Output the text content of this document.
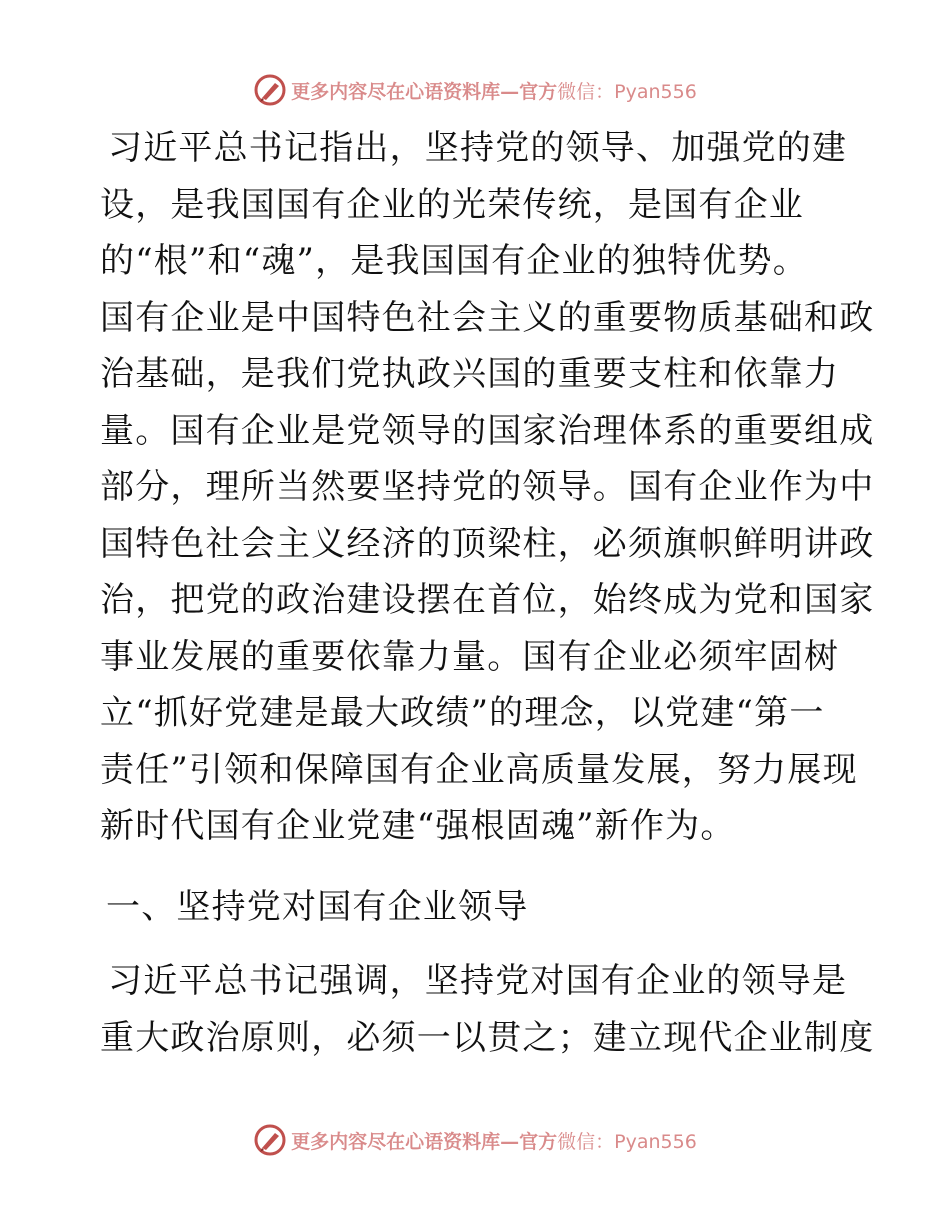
更多内容尽在心语资料库—官方 微信：Pyan556
习近平总书记指出，坚持党的领导、加强党的建
设，是我国国有企业的光荣传统，是国有企业
的“根”和“魂”，是我国国有企业的独特优势。
国有企业是中国特色社会主义的重要物质基础和政
治基础，是我们党执政兴国的重要支柱和依靠力
量。国有企业是党领导的国家治理体系的重要组成
部分，理所当然要坚持党的领导。国有企业作为中
国特色社会主义经济的顶梁柱，必须旗帜鲜明讲政
治，把党的政治建设摆在首位，始终成为党和国家
事业发展的重要依靠力量。国有企业必须牢固树
立“抓好党建是最大政绩”的理念，以党建“第一
责任”引领和保障国有企业高质量发展，努力展现
新时代国有企业党建“强根固魂”新作为。
一、坚持党对国有企业领导
习近平总书记强调，坚持党对国有企业的领导是
重大政治原则，必须一以贯之；建立现代企业制度
更多内容尽在心语资料库—官方 微信：Pyan556
